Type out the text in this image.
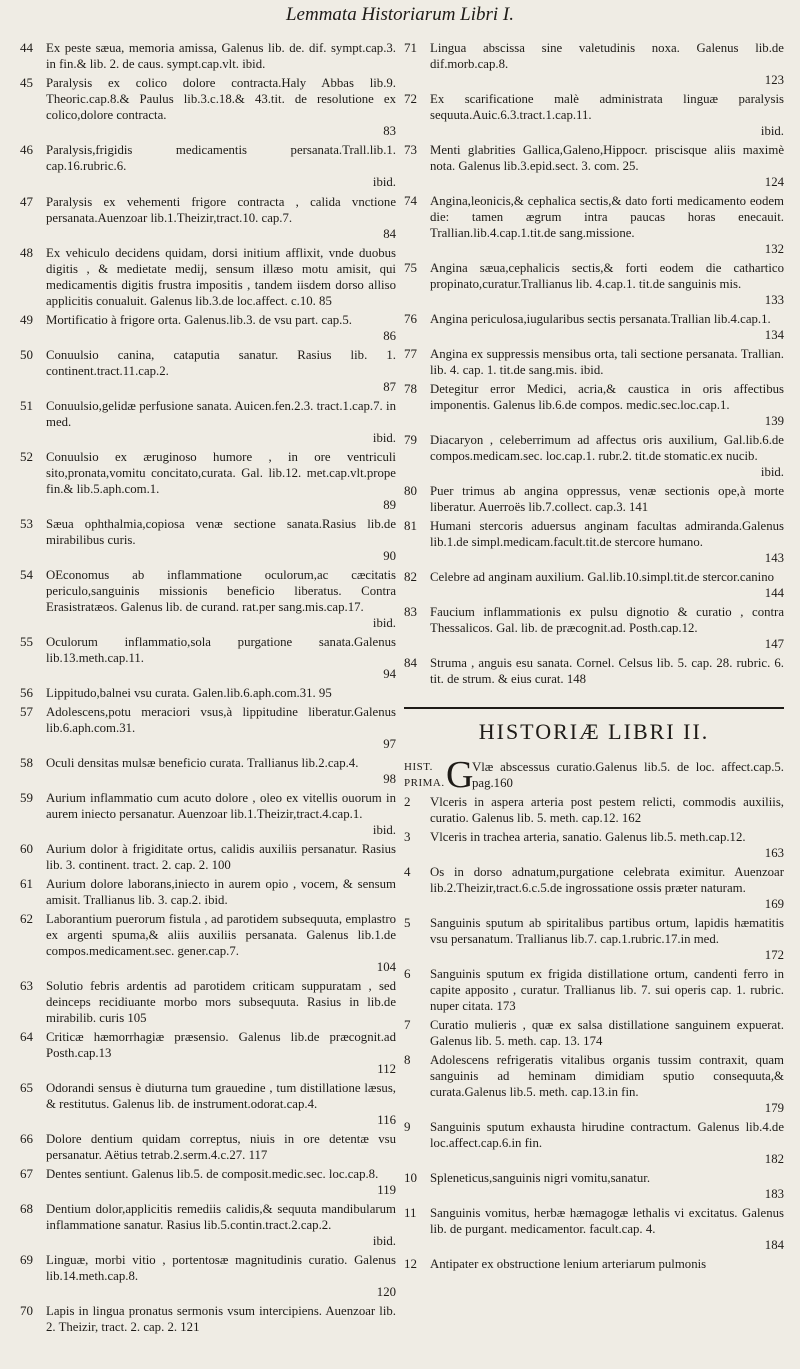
Lemmata Historiarum Libri I.
44 Ex peste sæua, memoria amissa, Galenus lib. de. dif. sympt.cap.3. in fin.& lib. 2. de caus. sympt.cap.vlt. ibid.
45 Paralysis ex colico dolore contracta.Haly Abbas lib.9. Theoric.cap.8.& Paulus lib.3.c.18.& 43.tit. de resolutione ex colico,dolore contracta.
83
46 Paralysis,frigidis medicamentis persanata.Trall.lib.1. cap.16.rubric.6.
ibid.
47 Paralysis ex vehementi frigore contracta , calida vnctione persanata.Auenzoar lib.1.Theizir,tract.10. cap.7.
84
48 Ex vehiculo decidens quidam, dorsi initium afflixit, vnde duobus digitis , & medietate medij, sensum illæso motu amisit, qui medicamentis digitis frustra impositis , tandem iisdem dorso alliso applicitis conualuit. Galenus lib.3.de loc.affect. c.10. 85
49 Mortificatio à frigore orta. Galenus.lib.3. de vsu part. cap.5.
86
50 Conuulsio canina, cataputia sanatur. Rasius lib. 1. continent.tract.11.cap.2.
87
51 Conuulsio,gelidæ perfusione sanata. Auicen.fen.2.3. tract.1.cap.7. in med.
ibid.
52 Conuulsio ex æruginoso humore , in ore ventriculi sito,pronata,vomitu concitato,curata. Gal. lib.12. met.cap.vlt.prope fin.& lib.5.aph.com.1.
89
53 Sæua ophthalmia,copiosa venæ sectione sanata.Rasius lib.de mirabilibus curis.
90
54 OEconomus ab inflammatione oculorum,ac cæcitatis periculo,sanguinis missionis beneficio liberatus. Contra Erasistratæos. Galenus lib. de curand. rat.per sang.mis.cap.17.
ibid.
55 Oculorum inflammatio,sola purgatione sanata.Galenus lib.13.meth.cap.11.
94
56 Lippitudo,balnei vsu curata. Galen.lib.6.aph.com.31. 95
57 Adolescens,potu meraciori vsus,à lippitudine liberatur.Galenus lib.6.aph.com.31.
97
58 Oculi densitas mulsæ beneficio curata. Trallianus lib.2.cap.4.
98
59 Aurium inflammatio cum acuto dolore , oleo ex vitellis ouorum in aurem iniecto persanatur. Auenzoar lib.1.Theizir,tract.4.cap.1.
ibid.
60 Aurium dolor à frigiditate ortus, calidis auxiliis persanatur. Rasius lib. 3. continent. tract. 2. cap. 2. 100
61 Aurium dolore laborans,iniecto in aurem opio , vocem, & sensum amisit. Trallianus lib. 3. cap.2. ibid.
62 Laborantium puerorum fistula , ad parotidem subsequuta, emplastro ex argenti spuma,& aliis auxiliis persanata. Galenus lib.1.de compos.medicament.sec. gener.cap.7.
104
63 Solutio febris ardentis ad parotidem criticam suppuratam , sed deinceps recidiuante morbo mors subsequuta. Rasius in lib.de mirabilib. curis 105
64 Criticæ hæmorrhagiæ præsensio. Galenus lib.de præcognit.ad Posth.cap.13
112
65 Odorandi sensus è diuturna tum grauedine , tum distillatione læsus, & restitutus. Galenus lib. de instrument.odorat.cap.4.
116
66 Dolore dentium quidam correptus, niuis in ore detentæ vsu persanatur. Aëtius tetrab.2.serm.4.c.27. 117
67 Dentes sentiunt. Galenus lib.5. de composit.medic.sec. loc.cap.8.
119
68 Dentium dolor,applicitis remediis calidis,& sequuta mandibularum inflammatione sanatur. Rasius lib.5.contin.tract.2.cap.2.
ibid.
69 Linguæ, morbi vitio , portentosæ magnitudinis curatio. Galenus lib.14.meth.cap.8.
120
70 Lapis in lingua pronatus sermonis vsum intercipiens. Auenzoar lib. 2. Theizir, tract. 2. cap. 2. 121
71 Lingua abscissa sine valetudinis noxa. Galenus lib.de dif.morb.cap.8.
123
72 Ex scarificatione malè administrata linguæ paralysis sequuta.Auic.6.3.tract.1.cap.11.
ibid.
73 Menti glabrities Gallica,Galeno,Hippocr. priscisque aliis maximè nota. Galenus lib.3.epid.sect. 3. com. 25.
124
74 Angina,leonicis,& cephalica sectis,& dato forti medicamento eodem die: tamen ægrum intra paucas horas enecauit. Trallian.lib.4.cap.1.tit.de sang.missione.
132
75 Angina sæua,cephalicis sectis,& forti eodem die cathartico propinato,curatur.Trallianus lib. 4.cap.1. tit.de sanguinis mis.
133
76 Angina periculosa,iugularibus sectis persanata.Trallian lib.4.cap.1.
134
77 Angina ex suppressis mensibus orta, tali sectione persanata. Trallian. lib. 4. cap. 1. tit.de sang.mis. ibid.
78 Detegitur error Medici, acria,& caustica in oris affectibus imponentis. Galenus lib.6.de compos. medic.sec.loc.cap.1.
139
79 Diacaryon , celeberrimum ad affectus oris auxilium, Gal.lib.6.de compos.medicam.sec. loc.cap.1. rubr.2. tit.de stomatic.ex nucib.
ibid.
80 Puer trimus ab angina oppressus, venæ sectionis ope,à morte liberatur. Auerroës lib.7.collect. cap.3. 141
81 Humani stercoris aduersus anginam facultas admiranda.Galenus lib.1.de simpl.medicam.facult.tit.de stercore humano.
143
82 Celebre ad anginam auxilium. Gal.lib.10.simpl.tit.de stercor.canino
144
83 Faucium inflammationis ex pulsu dignotio & curatio , contra Thessalicos. Gal. lib. de præcognit.ad. Posth.cap.12.
147
84 Struma , anguis esu sanata. Cornel. Celsus lib. 5. cap. 28. rubric. 6. tit. de strum. & eius curat. 148
HISTORIÆ LIBRI II.
HIST.
PRIMA. G
Vlæ abscessus curatio.Galenus lib.5. de loc. affect.cap.5. pag.160
2 Vlceris in aspera arteria post pestem relicti, commodis auxiliis, curatio. Galenus lib. 5. meth. cap.12. 162
3 Vlceris in trachea arteria, sanatio. Galenus lib.5. meth.cap.12.
163
4 Os in dorso adnatum,purgatione celebrata eximitur. Auenzoar lib.2.Theizir,tract.6.c.5.de ingrossatione ossis præter naturam.
169
5 Sanguinis sputum ab spiritalibus partibus ortum, lapidis hæmatitis vsu persanatum. Trallianus lib.7. cap.1.rubric.17.in med.
172
6 Sanguinis sputum ex frigida distillatione ortum, candenti ferro in capite apposito , curatur. Trallianus lib. 7. sui operis cap. 1. rubric. nuper citata. 173
7 Curatio mulieris , quæ ex salsa distillatione sanguinem expuerat. Galenus lib. 5. meth. cap. 13. 174
8 Adolescens refrigeratis vitalibus organis tussim contraxit, quam sanguinis ad heminam dimidiam sputio consequuta,& curata.Galenus lib.5. meth. cap.13.in fin.
179
9 Sanguinis sputum exhausta hirudine contractum. Galenus lib.4.de loc.affect.cap.6.in fin.
182
10 Spleneticus,sanguinis nigri vomitu,sanatur.
183
11 Sanguinis vomitus, herbæ hæmagogæ lethalis vi excitatus. Galenus lib. de purgant. medicamentor. facult.cap. 4.
184
12 Antipater ex obstructione lenium arteriarum pulmonis
